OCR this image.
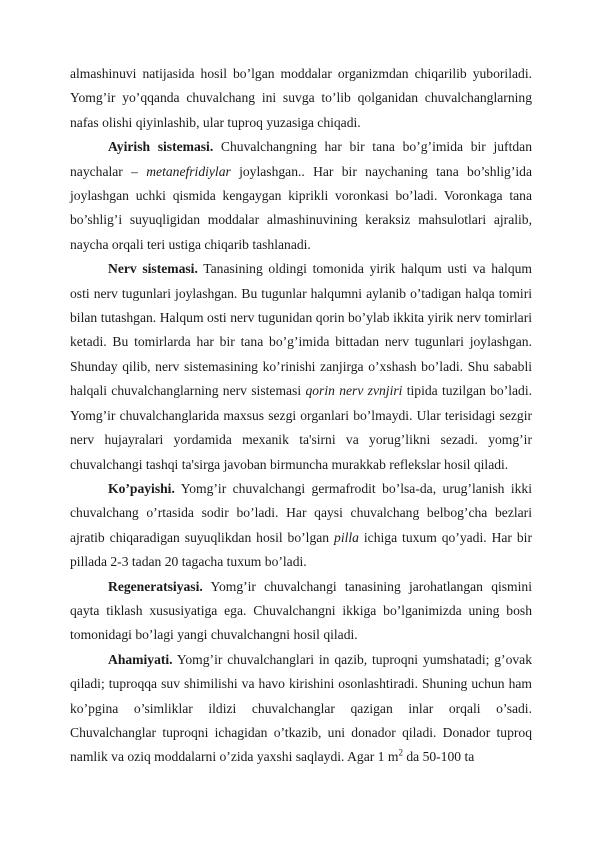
almashinuvi natijasida hosil bo’lgan moddalar organizmdan chiqarilib yuboriladi. Yomg’ir yo’qqanda chuvalchang ini suvga to’lib qolganidan chuvalchanglarning nafas olishi qiyinlashib, ular tuproq yuzasiga chiqadi.

Ayirish sistemasi. Chuvalchangning har bir tana bo’g’imida bir juftdan naychalar – metanefridiylar joylashgan.. Har bir naychaning tana bo’shlig’ida joylashgan uchki qismida kengaygan kiprikli voronkasi bo’ladi. Voronkaga tana bo’shlig’i suyuqligidan moddalar almashinuvining keraksiz mahsulotlari ajralib, naycha orqali teri ustiga chiqarib tashlanadi.

Nerv sistemasi. Tanasining oldingi tomonida yirik halqum usti va halqum osti nerv tugunlari joylashgan. Bu tugunlar halqumni aylanib o’tadigan halqa tomiri bilan tutashgan. Halqum osti nerv tugunidan qorin bo’ylab ikkita yirik nerv tomirlari ketadi. Bu tomirlarda har bir tana bo’g’imida bittadan nerv tugunlari joylashgan. Shunday qilib, nerv sistemasining ko’rinishi zanjirga o’xshash bo’ladi. Shu sababli halqali chuvalchanglarning nerv sistemasi qorin nerv zvnjiri tipida tuzilgan bo’ladi. Yomg’ir chuvalchanglarida maxsus sezgi organlari bo’lmaydi. Ular terisidagi sezgir nerv hujayralari yordamida mexanik ta'sirni va yorug’likni sezadi. yomg’ir chuvalchangi tashqi ta'sirga javoban birmuncha murakkab reflekslar hosil qiladi.

Ko’payishi. Yomg’ir chuvalchangi germafrodit bo’lsa-da, urug’lanish ikki chuvalchang o’rtasida sodir bo’ladi. Har qaysi chuvalchang belbog’cha bezlari ajratib chiqaradigan suyuqlikdan hosil bo’lgan pilla ichiga tuxum qo’yadi. Har bir pillada 2-3 tadan 20 tagacha tuxum bo’ladi.

Regeneratsiyasi. Yomg’ir chuvalchangi tanasining jarohatlangan qismini qayta tiklash xususiyatiga ega. Chuvalchangni ikkiga bo’lganimizda uning bosh tomonidagi bo’lagi yangi chuvalchangni hosil qiladi.

Ahamiyati. Yomg’ir chuvalchanglari in qazib, tuproqni yumshatadi; g’ovak qiladi; tuproqqa suv shimilishi va havo kirishini osonlashtiradi. Shuning uchun ham ko’pgina o’simliklar ildizi chuvalchanglar qazigan inlar orqali o’sadi. Chuvalchanglar tuproqni ichagidan o’tkazib, uni donador qiladi. Donador tuproq namlik va oziq moddalarni o’zida yaxshi saqlaydi. Agar 1 $m^2$ da 50-100 ta
